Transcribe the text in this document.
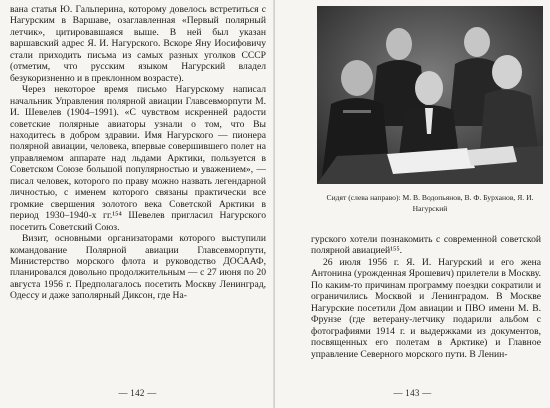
вана статья Ю. Гальперина, которому довелось встретиться с Нагурским в Варшаве, озаглавленная «Первый полярный летчик», цитировавшаяся выше. В ней был указан варшавский адрес Я. И. Нагурского. Вскоре Яну Иосифовичу стали приходить письма из самых разных уголков СССР (отметим, что русским языком Нагурский владел безукоризненно и в преклонном возрасте).

Через некоторое время письмо Нагурскому написал начальник Управления полярной авиации Главсевморпути М. И. Шевелев (1904–1991). «С чувством искренней радости советские полярные авиаторы узнали о том, что Вы находитесь в добром здравии. Имя Нагурского — пионера полярной авиации, человека, впервые совершившего полет на управляемом аппарате над льдами Арктики, пользуется в Советском Союзе большой популярностью и уважением», — писал человек, которого по праву можно назвать легендарной личностью, с именем которого связаны практически все громкие свершения золотого века Советской Арктики в период 1930–1940-х гг.¹⁵⁴ Шевелев пригласил Нагурского посетить Советский Союз.

Визит, основными организаторами которого выступили командование Полярной авиации Главсевморпути, Министерство морского флота и руководство ДОСААФ, планировался довольно продолжительным — с 27 июня по 20 августа 1956 г. Предполагалось посетить Москву Ленинград, Одессу и даже заполярный Диксон, где На-

гурского хотели познакомить с современной советской полярной авиацией¹⁵⁵.

26 июля 1956 г. Я. И. Нагурский и его жена Антонина (урожденная Ярошевич) прилетели в Москву. По каким-то причинам программу поездки сократили и ограничились Москвой и Ленинградом. В Москве Нагурские посетили Дом авиации и ПВО имени М. В. Фрунзе (где ветерану-летчику подарили альбом с фотографиями 1914 г. и выдержками из документов, посвященных его полетам в Арктике) и Главное управление Северного морского пути. В Ленин-

Сидят (слева направо): М. В. Водопьянов, В. Ф. Бурханов, Я. И. Нагурский
— 142 —	— 143 —
